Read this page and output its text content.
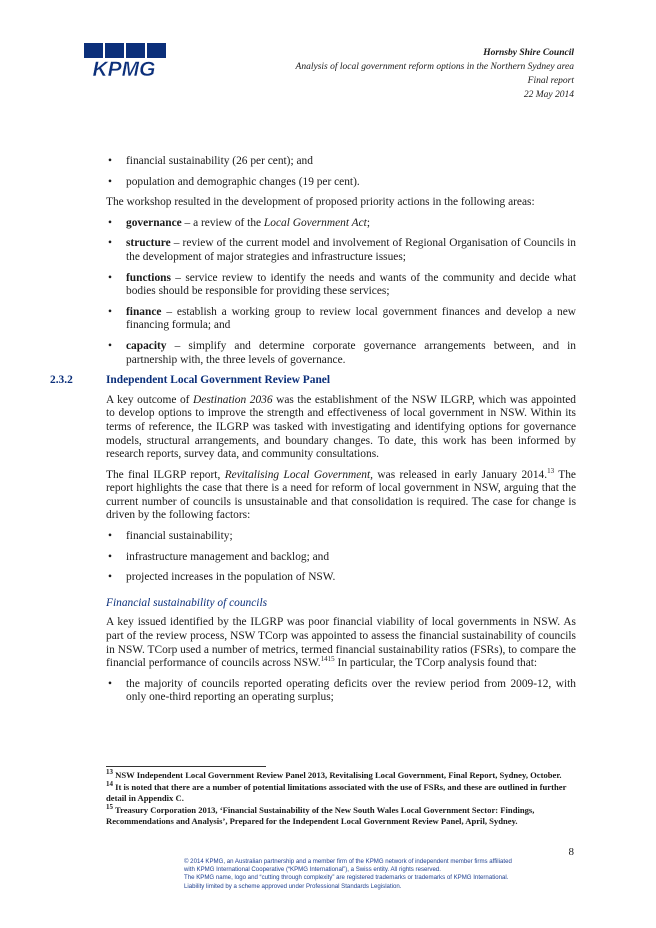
KPMG
Hornsby Shire Council
Analysis of local government reform options in the Northern Sydney area
Final report
22 May 2014
• financial sustainability (26 per cent); and
• population and demographic changes (19 per cent).

The workshop resulted in the development of proposed priority actions in the following areas:

• governance – a review of the Local Government Act;
• structure – review of the current model and involvement of Regional Organisation of Councils in the development of major strategies and infrastructure issues;
• functions – service review to identify the needs and wants of the community and decide what bodies should be responsible for providing these services;
• finance – establish a working group to review local government finances and develop a new financing formula; and
• capacity – simplify and determine corporate governance arrangements between, and in partnership with, the three levels of governance.
2.3.2	Independent Local Government Review Panel

A key outcome of Destination 2036 was the establishment of the NSW ILGRP, which was appointed to develop options to improve the strength and effectiveness of local government in NSW. Within its terms of reference, the ILGRP was tasked with investigating and identifying options for governance models, structural arrangements, and boundary changes. To date, this work has been informed by research reports, survey data, and community consultations.

The final ILGRP report, Revitalising Local Government, was released in early January 2014.13 The report highlights the case that there is a need for reform of local government in NSW, arguing that the current number of councils is unsustainable and that consolidation is required. The case for change is driven by the following factors:

• financial sustainability;
• infrastructure management and backlog; and
• projected increases in the population of NSW.
Financial sustainability of councils

A key issued identified by the ILGRP was poor financial viability of local governments in NSW. As part of the review process, NSW TCorp was appointed to assess the financial sustainability of councils in NSW. TCorp used a number of metrics, termed financial sustainability ratios (FSRs), to compare the financial performance of councils across NSW.$^{1415}$ In particular, the TCorp analysis found that:

• the majority of councils reported operating deficits over the review period from 2009-12, with only one-third reporting an operating surplus;
$^{13}$ NSW Independent Local Government Review Panel 2013, Revitalising Local Government, Final Report, Sydney, October.
$^{14}$ It is noted that there are a number of potential limitations associated with the use of FSRs, and these are outlined in further detail in Appendix C.
$^{15}$ Treasury Corporation 2013, ‘Financial Sustainability of the New South Wales Local Government Sector: Findings, Recommendations and Analysis’, Prepared for the Independent Local Government Review Panel, April, Sydney.
8
© 2014 KPMG, an Australian partnership and a member firm of the KPMG network of independent member firms affiliated
with KPMG International Cooperative (“KPMG International”), a Swiss entity. All rights reserved.
The KPMG name, logo and “cutting through complexity” are registered trademarks or trademarks of KPMG International.
Liability limited by a scheme approved under Professional Standards Legislation.
